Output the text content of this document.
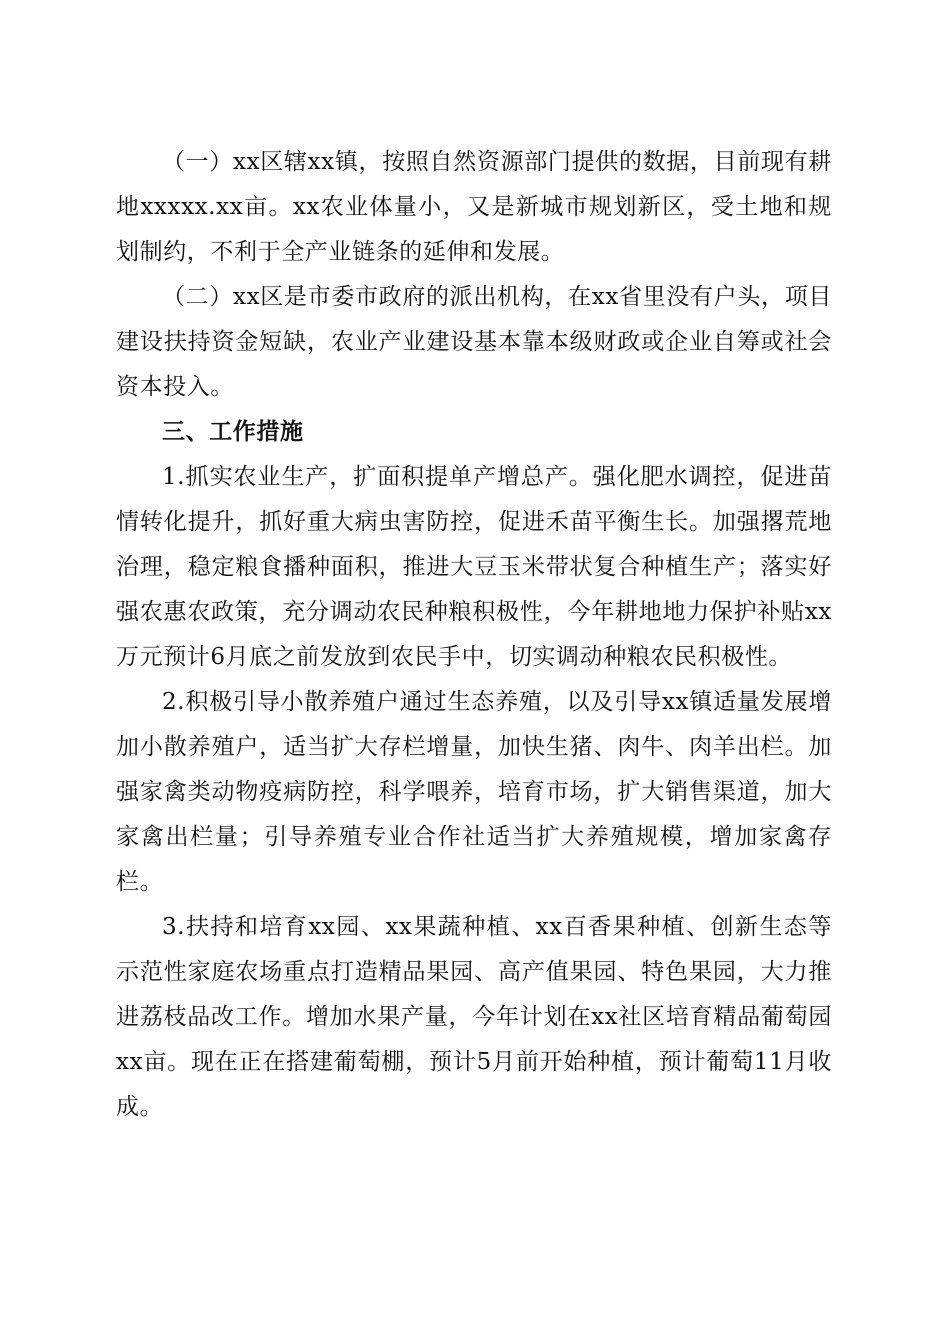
（一）xx区辖xx镇，按照自然资源部门提供的数据，目前现有耕地xxxxx.xx亩。xx农业体量小，又是新城市规划新区，受土地和规划制约，不利于全产业链条的延伸和发展。

（二）xx区是市委市政府的派出机构，在xx省里没有户头，项目建设扶持资金短缺，农业产业建设基本靠本级财政或企业自筹或社会资本投入。

三、工作措施

1.抓实农业生产，扩面积提单产增总产。强化肥水调控，促进苗情转化提升，抓好重大病虫害防控，促进禾苗平衡生长。加强撂荒地治理，稳定粮食播种面积，推进大豆玉米带状复合种植生产；落实好强农惠农政策，充分调动农民种粮积极性，今年耕地地力保护补贴xx万元预计6月底之前发放到农民手中，切实调动种粮农民积极性。

2.积极引导小散养殖户通过生态养殖，以及引导xx镇适量发展增加小散养殖户，适当扩大存栏增量，加快生猪、肉牛、肉羊出栏。加强家禽类动物疫病防控，科学喂养，培育市场，扩大销售渠道，加大家禽出栏量；引导养殖专业合作社适当扩大养殖规模，增加家禽存栏。

3.扶持和培育xx园、xx果蔬种植、xx百香果种植、创新生态等示范性家庭农场重点打造精品果园、高产值果园、特色果园，大力推进荔枝品改工作。增加水果产量，今年计划在xx社区培育精品葡萄园xx亩。现在正在搭建葡萄棚，预计5月前开始种植，预计葡萄11月收成。
